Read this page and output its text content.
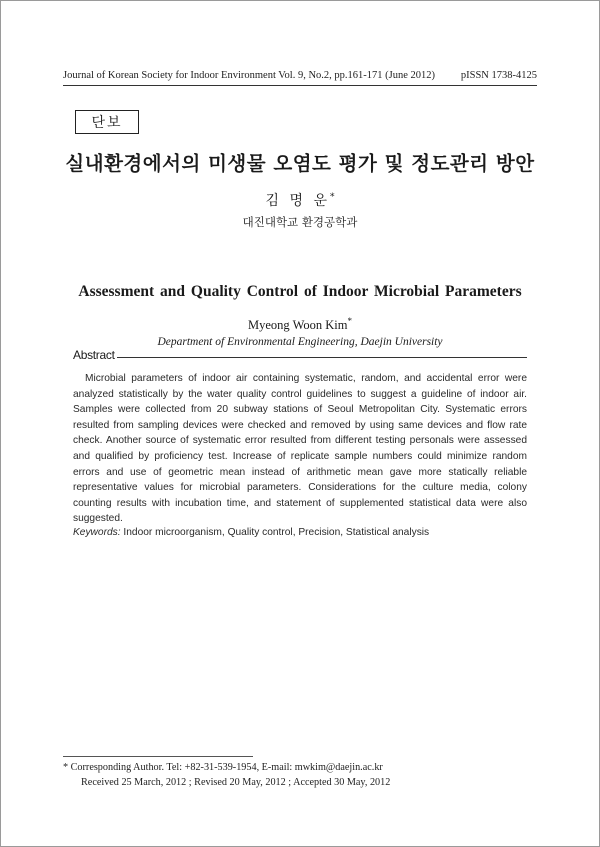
Journal of Korean Society for Indoor Environment Vol. 9, No.2, pp.161-171 (June 2012) pISSN 1738-4125
단보
실내환경에서의 미생물 오염도 평가 및 정도관리 방안
김 명 운*
대진대학교 환경공학과
Assessment and Quality Control of Indoor Microbial Parameters
Myeong Woon Kim*
Department of Environmental Engineering, Daejin University
Abstract

Microbial parameters of indoor air containing systematic, random, and accidental error were analyzed statistically by the water quality control guidelines to suggest a guideline of indoor air. Samples were collected from 20 subway stations of Seoul Metropolitan City. Systematic errors resulted from sampling devices were checked and removed by using same devices and flow rate check. Another source of systematic error resulted from different testing personals were assessed and qualified by proficiency test. Increase of replicate sample numbers could minimize random errors and use of geometric mean instead of arithmetic mean gave more statically reliable representative values for microbial parameters. Considerations for the culture media, colony counting results with incubation time, and statement of supplemented statistical data were also suggested.

Keywords: Indoor microorganism, Quality control, Precision, Statistical analysis
* Corresponding Author. Tel: +82-31-539-1954, E-mail: mwkim@daejin.ac.kr
Received 25 March, 2012 ; Revised 20 May, 2012 ; Accepted 30 May, 2012
